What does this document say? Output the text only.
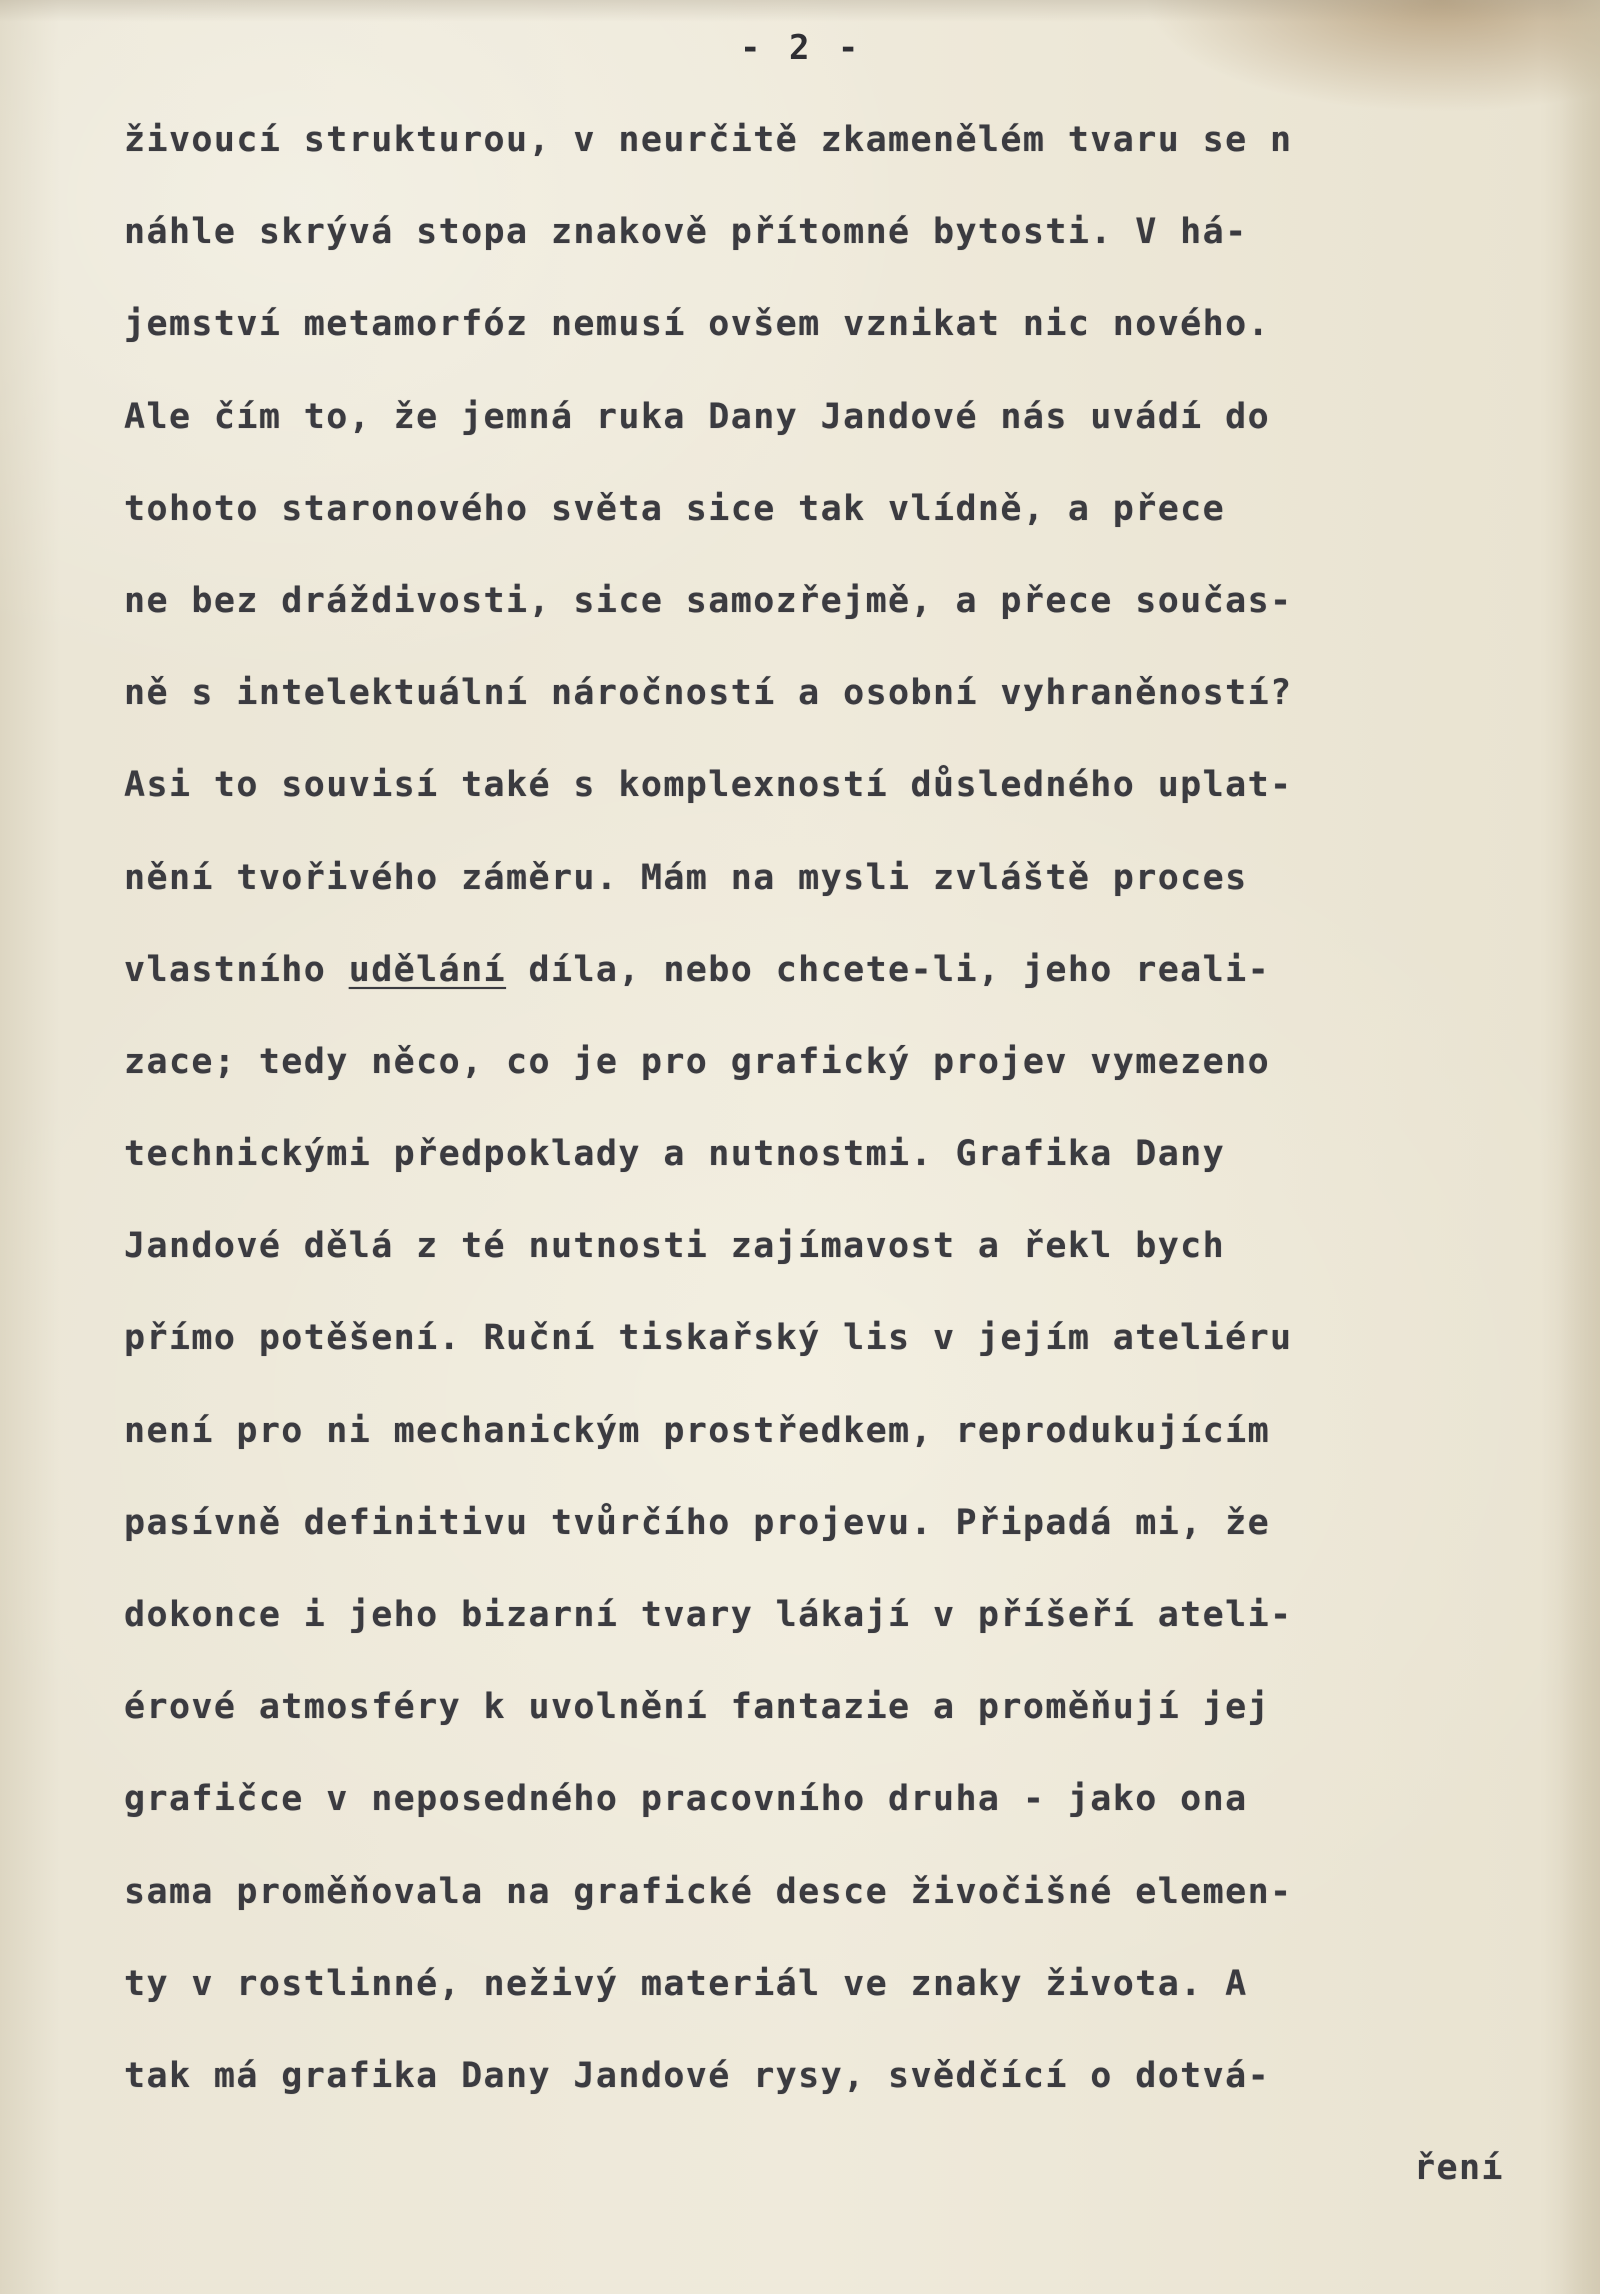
- 2 -
živoucí strukturou, v neurčitě zkamenělém tvaru se n
náhle skrývá stopa znakově přítomné bytosti. V há-
jemství metamorfóz nemusí ovšem vznikat nic nového.
Ale čím to, že jemná ruka Dany Jandové nás uvádí do
tohoto staronového světa sice tak vlídně, a přece
ne bez dráždivosti, sice samozřejmě, a přece součas-
ně s intelektuální náročností a osobní vyhraněností?
Asi to souvisí také s komplexností důsledného uplat-
nění tvořivého záměru. Mám na mysli zvláště proces
vlastního udělání díla, nebo chcete-li, jeho reali-
zace; tedy něco, co je pro grafický projev vymezeno
technickými předpoklady a nutnostmi. Grafika Dany
Jandové dělá z té nutnosti zajímavost a řekl bych
přímo potěšení. Ruční tiskařský lis v jejím ateliéru
není pro ni mechanickým prostředkem, reprodukujícím
pasívně definitivu tvůrčího projevu. Připadá mi, že
dokonce i jeho bizarní tvary lákají v příšeří ateli-
érové atmosféry k uvolnění fantazie a proměňují jej
grafičce v neposedného pracovního druha - jako ona
sama proměňovala na grafické desce živočišné elemen-
ty v rostlinné, neživý materiál ve znaky života. A
tak má grafika Dany Jandové rysy, svědčící o dotvá-
ření
